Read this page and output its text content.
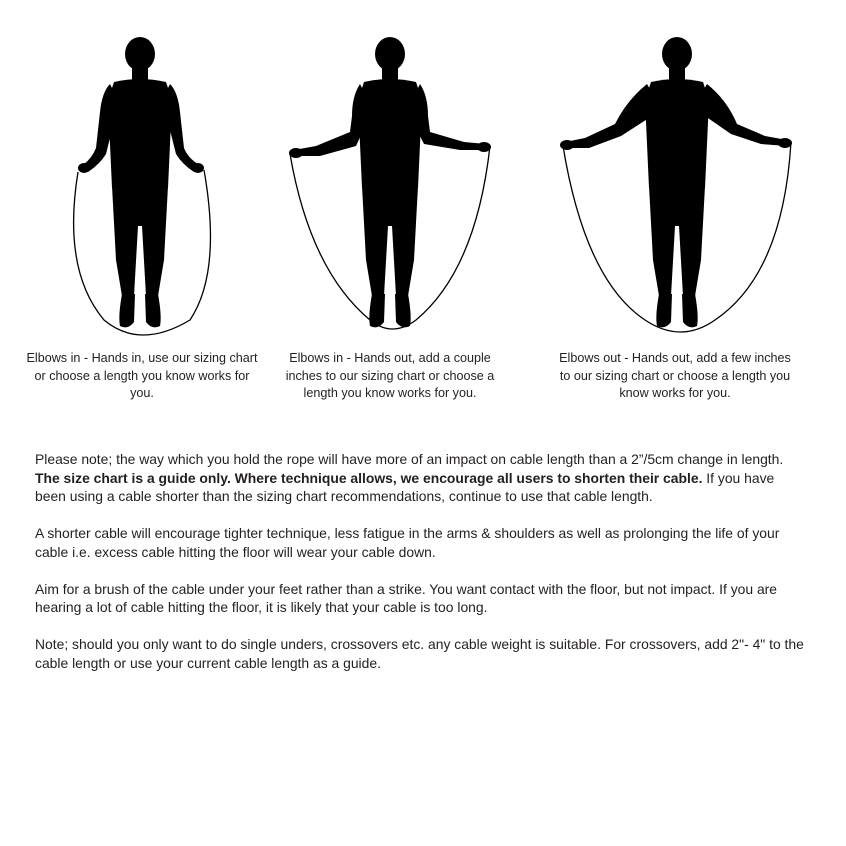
Elbows in - Hands in, use our sizing chart or choose a length you know works for you.

Elbows in - Hands out, add a couple inches to our sizing chart or choose a length you know works for you.

Elbows out - Hands out, add a few inches to our sizing chart or choose a length you know works for you.

Please note; the way which you hold the rope will have more of an impact on cable length than a 2”/5cm change in length. The size chart is a guide only. Where technique allows, we encourage all users to shorten their cable. If you have been using a cable shorter than the sizing chart recommendations, continue to use that cable length.

A shorter cable will encourage tighter technique, less fatigue in the arms & shoulders as well as prolonging the life of your cable i.e. excess cable hitting the floor will wear your cable down.

Aim for a brush of the cable under your feet rather than a strike. You want contact with the floor, but not impact. If you are hearing a lot of cable hitting the floor, it is likely that your cable is too long.

Note; should you only want to do single unders, crossovers etc. any cable weight is suitable. For crossovers, add 2"- 4" to the cable length or use your current cable length as a guide.
